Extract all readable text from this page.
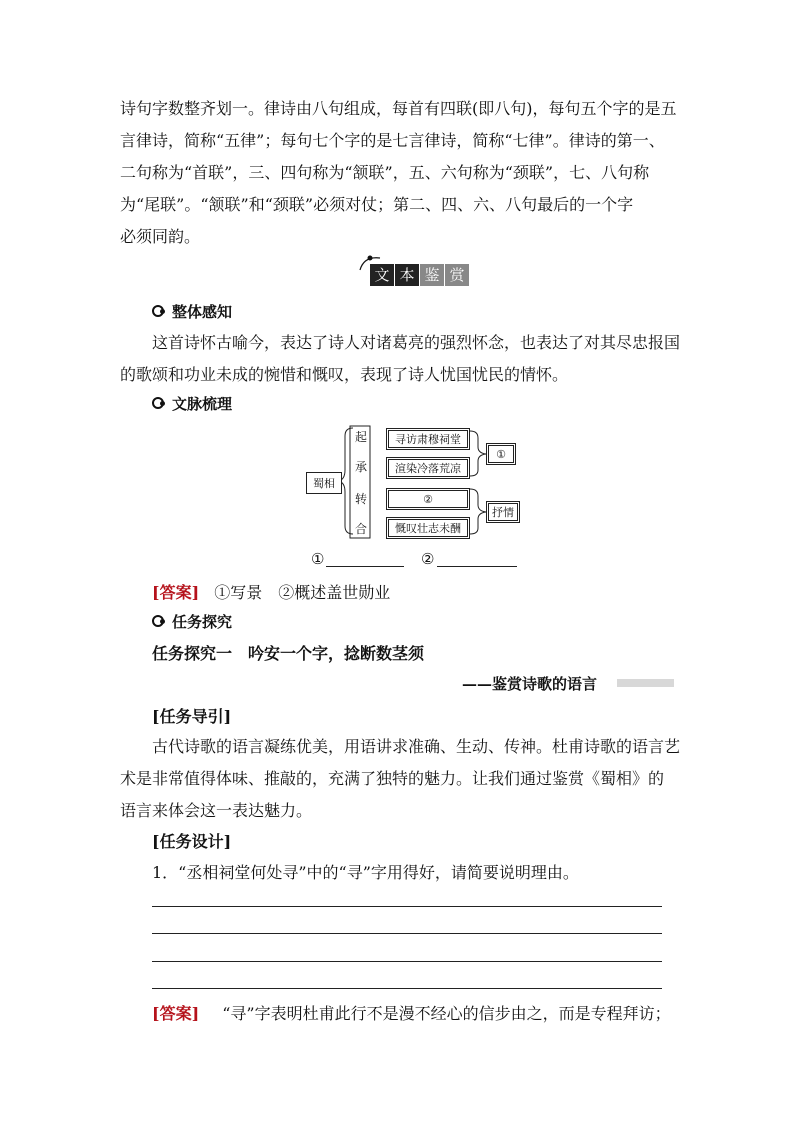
诗句字数整齐划一。律诗由八句组成，每首有四联(即八句)，每句五个字的是五
言律诗，简称“五律”；每句七个字的是七言律诗，简称“七律”。律诗的第一、
二句称为“首联”，三、四句称为“颔联”，五、六句称为“颈联”，七、八句称
为“尾联”。“颔联”和“颈联”必须对仗；第二、四、六、八句最后的一个字
必须同韵。
文 本 鉴 赏
整体感知
这首诗怀古喻今，表达了诗人对诸葛亮的强烈怀念，也表达了对其尽忠报国
的歌颂和功业未成的惋惜和慨叹，表现了诗人忧国忧民的情怀。
文脉梳理
蜀相
起
承
转
合
寻访肃穆祠堂
渲染冷落荒凉
②
慨叹壮志未酬
①
抒情
①	②
[答案] ①写景　②概述盖世勋业
任务探究
任务探究一　吟安一个字，捻断数茎须
——鉴赏诗歌的语言
[任务导引]
古代诗歌的语言凝练优美，用语讲求准确、生动、传神。杜甫诗歌的语言艺
术是非常值得体味、推敲的，充满了独特的魅力。让我们通过鉴赏《蜀相》的
语言来体会这一表达魅力。
[任务设计]
1．“丞相祠堂何处寻”中的“寻”字用得好，请简要说明理由。
[答案] “寻”字表明杜甫此行不是漫不经心的信步由之，而是专程拜访；
